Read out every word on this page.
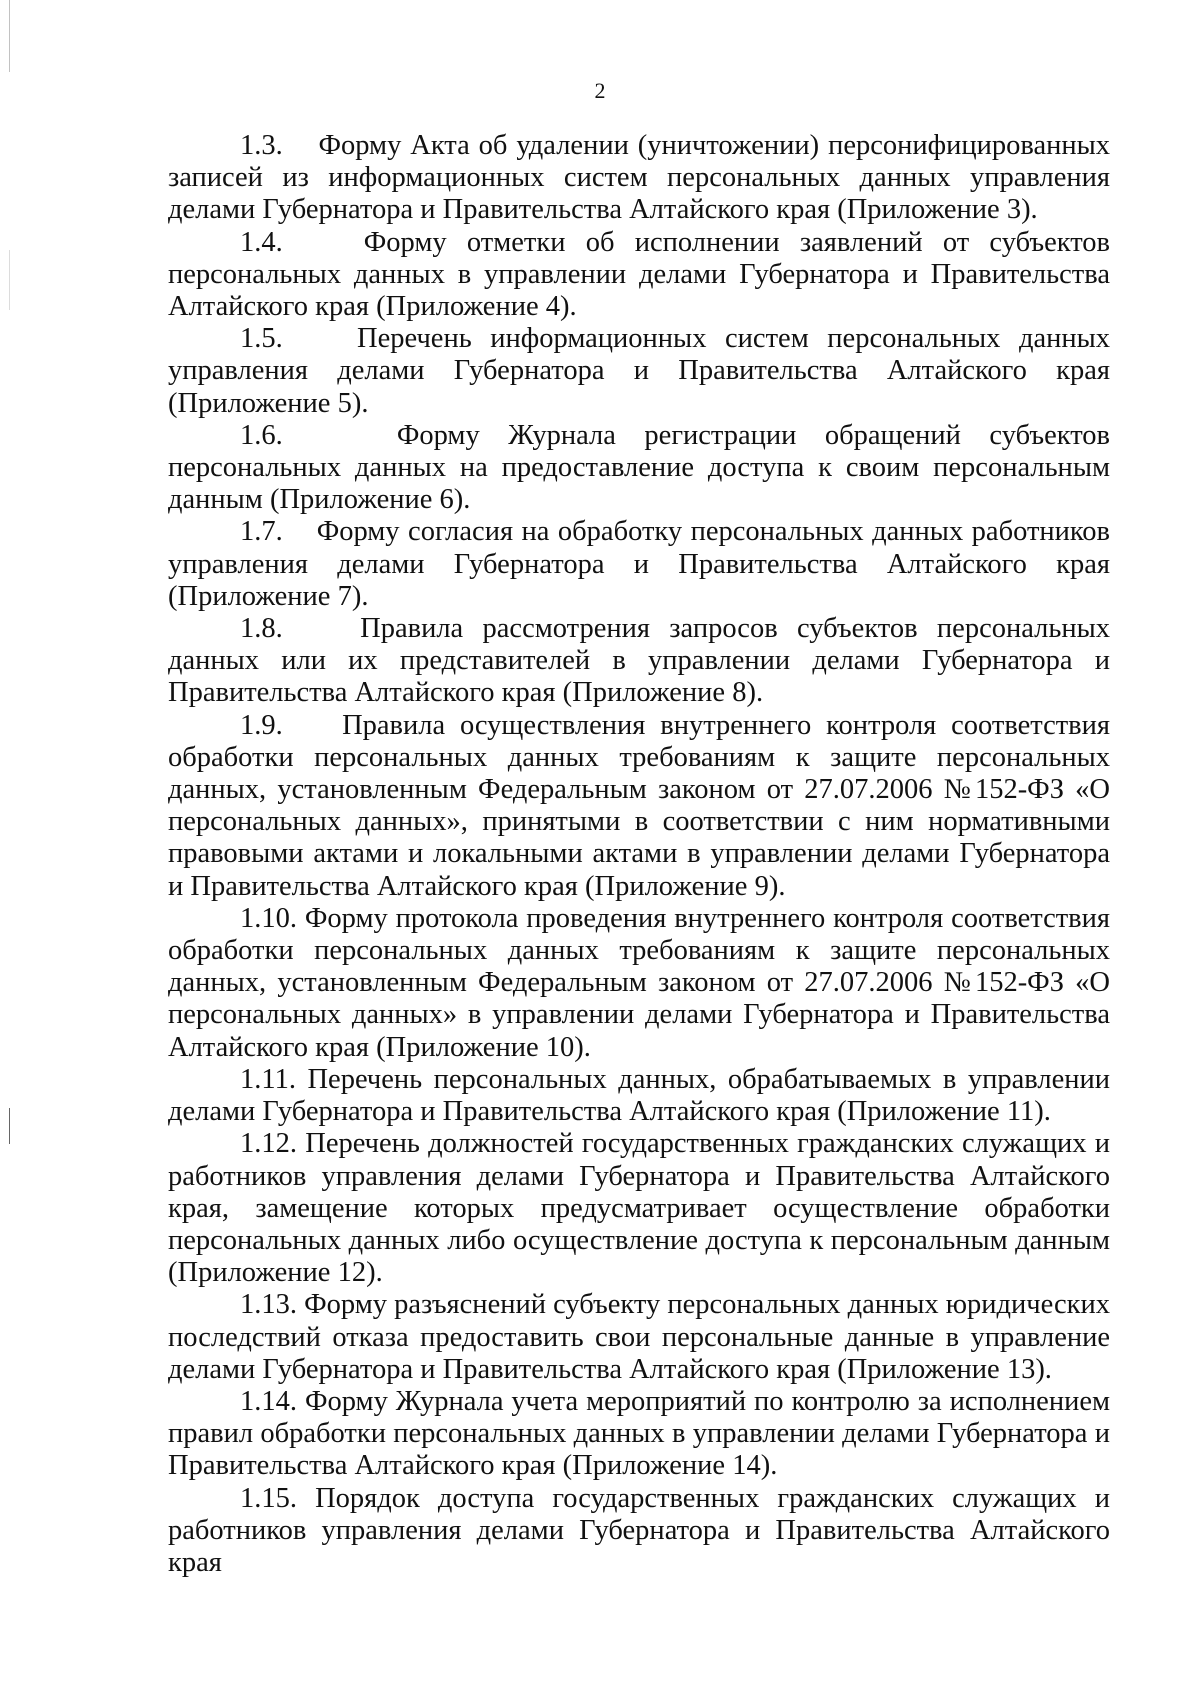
2

1.3. Форму Акта об удалении (уничтожении) персонифицированных записей из информационных систем персональных данных управления делами Губернатора и Правительства Алтайского края (Приложение 3).

1.4.	Форму отметки об исполнении заявлений от субъектов персональных данных в управлении делами Губернатора и Правительства Алтайского края (Приложение 4).

1.5.	Перечень информационных систем персональных данных управления делами Губернатора и Правительства Алтайского края (Приложение 5).

1.6.	Форму Журнала регистрации обращений субъектов персональных данных на предоставление доступа к своим персональным данным (Приложение 6).

1.7. Форму согласия на обработку персональных данных работников управления делами Губернатора и Правительства Алтайского края (Приложение 7).

1.8.	Правила рассмотрения запросов субъектов персональных данных или их представителей в управлении делами Губернатора и Правительства Алтайского края (Приложение 8).

1.9. Правила осуществления внутреннего контроля соответствия обработки персональных данных требованиям к защите персональных данных, установленным Федеральным законом от 27.07.2006 №152-ФЗ «О персональных данных», принятыми в соответствии с ним нормативными правовыми актами и локальными актами в управлении делами Губернатора и Правительства Алтайского края (Приложение 9).

1.10. Форму протокола проведения внутреннего контроля соответствия обработки персональных данных требованиям к защите персональных данных, установленным Федеральным законом от 27.07.2006 №152-ФЗ «О персональных данных» в управлении делами Губернатора и Правительства Алтайского края (Приложение 10).

1.11. Перечень персональных данных, обрабатываемых в управлении делами Губернатора и Правительства Алтайского края (Приложение 11).

1.12. Перечень должностей государственных гражданских служащих и работников управления делами Губернатора и Правительства Алтайского края, замещение которых предусматривает осуществление обработки персональных данных либо осуществление доступа к персональным данным (Приложение 12).

1.13. Форму разъяснений субъекту персональных данных юридических последствий отказа предоставить свои персональные данные в управление делами Губернатора и Правительства Алтайского края (Приложение 13).

1.14. Форму Журнала учета мероприятий по контролю за исполнением правил обработки персональных данных в управлении делами Губернатора и Правительства Алтайского края (Приложение 14).

1.15. Порядок доступа государственных гражданских служащих и работников управления делами Губернатора и Правительства Алтайского края
